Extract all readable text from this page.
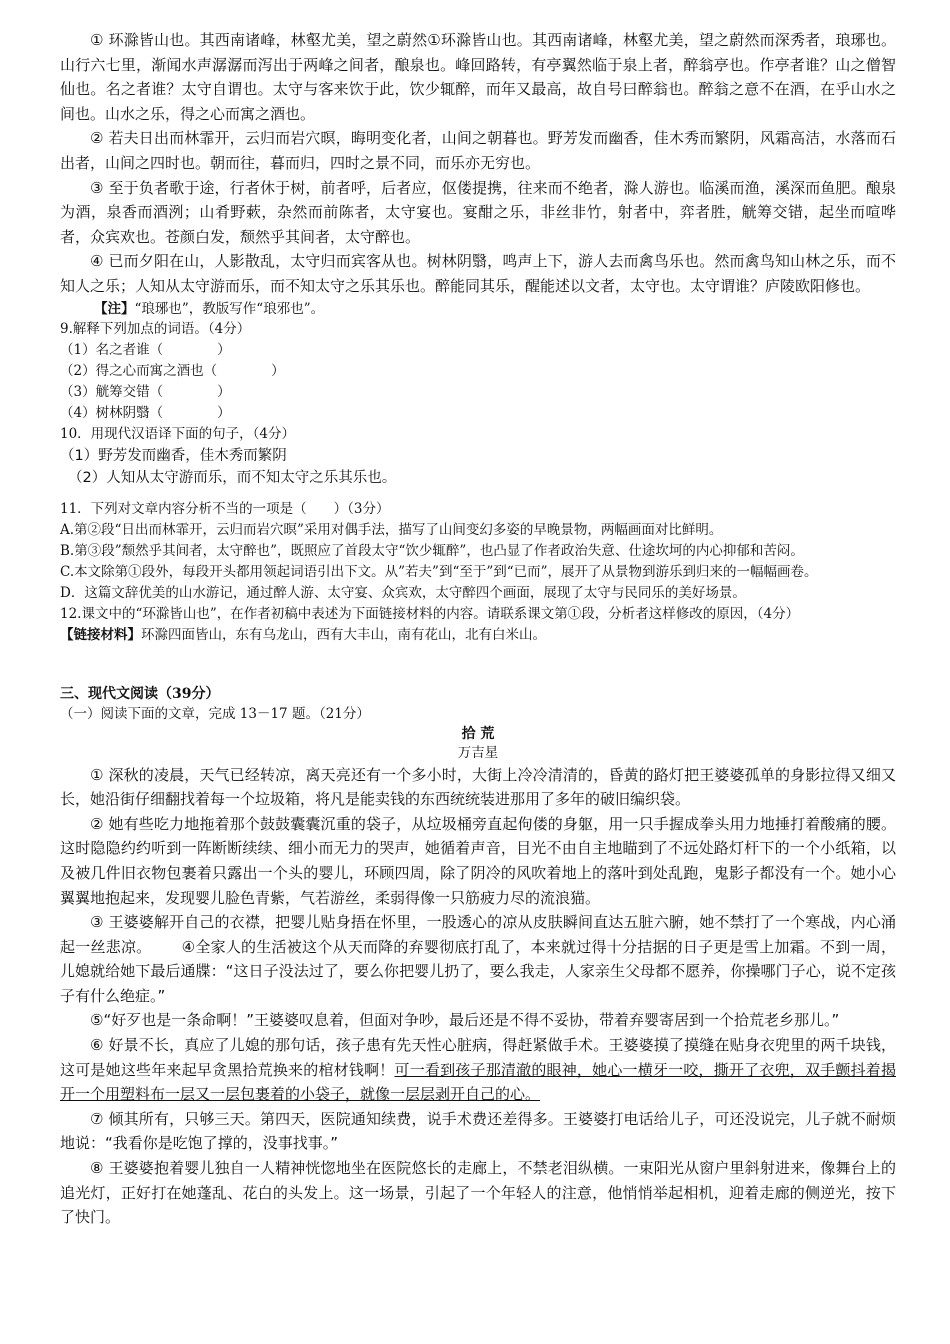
① 环滁皆山也。其西南诸峰，林壑尤美，望之蔚然①环滁皆山也。其西南诸峰，林壑尤美，望之蔚然而深秀者，琅琊也。山行六七里，渐闻水声潺潺而泻出于两峰之间者，酿泉也。峰回路转，有亭翼然临于泉上者，醉翁亭也。作亭者谁？山之僧智仙也。名之者谁？太守自谓也。太守与客来饮于此，饮少辄醉，而年又最高，故自号曰醉翁也。醉翁之意不在酒，在乎山水之间也。山水之乐，得之心而寓之酒也。

② 若夫日出而林霏开，云归而岩穴暝，晦明变化者，山间之朝暮也。野芳发而幽香，佳木秀而繁阴，风霜高洁，水落而石出者，山间之四时也。朝而往，暮而归，四时之景不同，而乐亦无穷也。

③ 至于负者歌于途，行者休于树，前者呼，后者应，伛偻提携，往来而不绝者，滁人游也。临溪而渔，溪深而鱼肥。酿泉为酒，泉香而酒洌；山肴野蔌，杂然而前陈者，太守宴也。宴酣之乐，非丝非竹，射者中，弈者胜，觥筹交错，起坐而喧哗者，众宾欢也。苍颜白发，颓然乎其间者，太守醉也。

④ 已而夕阳在山，人影散乱，太守归而宾客从也。树林阴翳，鸣声上下，游人去而禽鸟乐也。然而禽鸟知山林之乐，而不知人之乐；人知从太守游而乐，而不知太守之乐其乐也。醉能同其乐，醒能述以文者，太守也。太守谓谁？庐陵欧阳修也。

【注】“琅琊也”，教版写作“琅邪也”。

9.解释下列加点的词语。（4分）

（1）名之者谁（　　　　）

（2）得之心而寓之酒也（　　　　）

（3）觥筹交错（　　　　）

（4）树林阴翳（　　　　）

10．用现代汉语译下面的句子，（4分）

（1）野芳发而幽香，佳木秀而繁阴

（2）人知从太守游而乐，而不知太守之乐其乐也。

11．下列对文章内容分析不当的一项是（　　）（3分）

A.第②段“日出而林霏开，云归而岩穴暝”采用对偶手法，描写了山间变幻多姿的早晚景物，两幅画面对比鲜明。

B.第③段”颓然乎其间者，太守醉也”，既照应了首段太守“饮少辄醉”，也凸显了作者政治失意、仕途坎坷的内心抑郁和苦闷。

C.本文除第①段外，每段开头都用领起词语引出下文。从”若夫”到“至于”到“已而”，展开了从景物到游乐到归来的一幅幅画卷。

D．这篇文辞优美的山水游记，通过醉人游、太守宴、众宾欢，太守醉四个画面，展现了太守与民同乐的美好场景。

12.课文中的“环滁皆山也”，在作者初稿中表述为下面链接材料的内容。请联系课文第①段，分析者这样修改的原因，（4分）

【链接材料】环滁四面皆山，东有乌龙山，西有大丰山，南有花山，北有白米山。

三、现代文阅读（39分）

（一）阅读下面的文章，完成 13－17 题。（21分）

拾 荒

万吉星

① 深秋的凌晨，天气已经转凉，离天亮还有一个多小时，大街上冷冷清清的，昏黄的路灯把王婆婆孤单的身影拉得又细又长，她沿街仔细翻找着每一个垃圾箱，将凡是能卖钱的东西统统装进那用了多年的破旧编织袋。

② 她有些吃力地拖着那个鼓鼓囊囊沉重的袋子，从垃圾桶旁直起佝偻的身躯，用一只手握成拳头用力地捶打着酸痛的腰。这时隐隐约约听到一阵断断续续、细小而无力的哭声，她循着声音，目光不由自主地瞄到了不远处路灯杆下的一个小纸箱，以及被几件旧衣物包裹着只露出一个头的婴儿，环顾四周，除了阴冷的风吹着地上的落叶到处乱跑，鬼影子都没有一个。她小心翼翼地抱起来，发现婴儿脸色青紫，气若游丝，柔弱得像一只筋疲力尽的流浪猫。

③ 王婆婆解开自己的衣襟，把婴儿贴身捂在怀里，一股透心的凉从皮肤瞬间直达五脏六腑，她不禁打了一个寒战，内心涌起一丝悲凉。 ④全家人的生活被这个从天而降的弃婴彻底打乱了，本来就过得十分拮据的日子更是雪上加霜。不到一周，儿媳就给她下最后通牒：“这日子没法过了，要么你把婴儿扔了，要么我走，人家亲生父母都不愿养，你操哪门子心，说不定孩子有什么绝症。”

⑤“好歹也是一条命啊！”王婆婆叹息着，但面对争吵，最后还是不得不妥协，带着弃婴寄居到一个拾荒老乡那儿。”

⑥ 好景不长，真应了儿媳的那句话，孩子患有先天性心脏病，得赶紧做手术。王婆婆摸了摸缝在贴身衣兜里的两千块钱，这可是她这些年来起早贪黑拾荒换来的棺材钱啊！可一看到孩子那清澈的眼神，她心一横牙一咬，撕开了衣兜，双手颤抖着揭开一个用塑料布一层又一层包裹着的小袋子，就像一层层剥开自己的心。

⑦ 倾其所有，只够三天。第四天，医院通知续费，说手术费还差得多。王婆婆打电话给儿子，可还没说完，儿子就不耐烦地说：“我看你是吃饱了撑的，没事找事。”

⑧ 王婆婆抱着婴儿独自一人精神恍惚地坐在医院悠长的走廊上，不禁老泪纵横。一束阳光从窗户里斜射进来，像舞台上的追光灯，正好打在她蓬乱、花白的头发上。这一场景，引起了一个年轻人的注意，他悄悄举起相机，迎着走廊的侧逆光，按下了快门。
